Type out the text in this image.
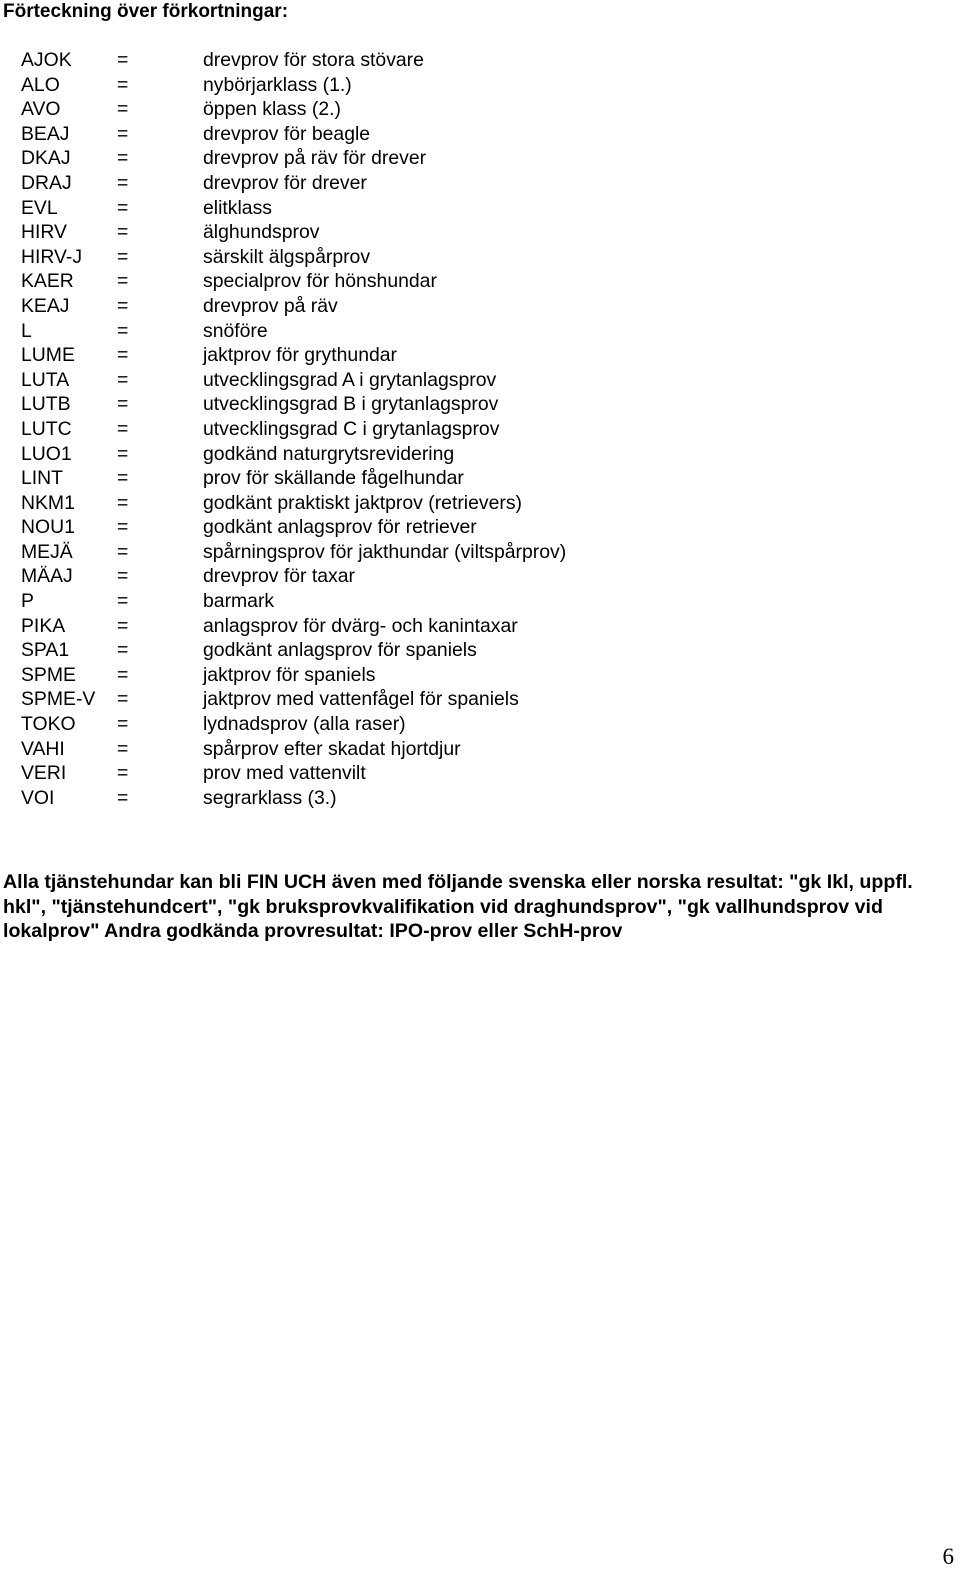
Förteckning över förkortningar:
AJOK =	drevprov för stora stövare
ALO	=	nybörjarklass (1.)
AVO	=	öppen klass (2.)
BEAJ =	drevprov för beagle
DKAJ =	drevprov på räv för drever
DRAJ =	drevprov för drever
EVL	=	elitklass
HIRV	=	älghundsprov
HIRV-J =	särskilt älgspårprov
KAER =	specialprov för hönshundar
KEAJ =	drevprov på räv
L	=	snöföre
LUME =	jaktprov för grythundar
LUTA =	utvecklingsgrad A i grytanlagsprov
LUTB =	utvecklingsgrad B i grytanlagsprov
LUTC =	utvecklingsgrad C i grytanlagsprov
LUO1 =	godkänd naturgrytsrevidering
LINT	=	prov för skällande fågelhundar
NKM1 =	godkänt praktiskt jaktprov (retrievers)
NOU1 =	godkänt anlagsprov för retriever
MEJÄ =	spårningsprov för jakthundar (viltspårprov)
MÄAJ =	drevprov för taxar
P	=	barmark
PIKA	=	anlagsprov för dvärg- och kanintaxar
SPA1 =	godkänt anlagsprov för spaniels
SPME =	jaktprov för spaniels
SPME-V =	jaktprov med vattenfågel för spaniels
TOKO =	lydnadsprov (alla raser)
VAHI	=	spårprov efter skadat hjortdjur
VERI	=	prov med vattenvilt
VOI	=	segrarklass (3.)
Alla tjänstehundar kan bli FIN UCH även med följande svenska eller norska resultat: "gk Ikl, uppfl. hkl", "tjänstehundcert", "gk bruksprovkvalifikation vid draghundsprov", "gk vallhundsprov vid lokalprov" Andra godkända provresultat: IPO-prov eller SchH-prov
6
